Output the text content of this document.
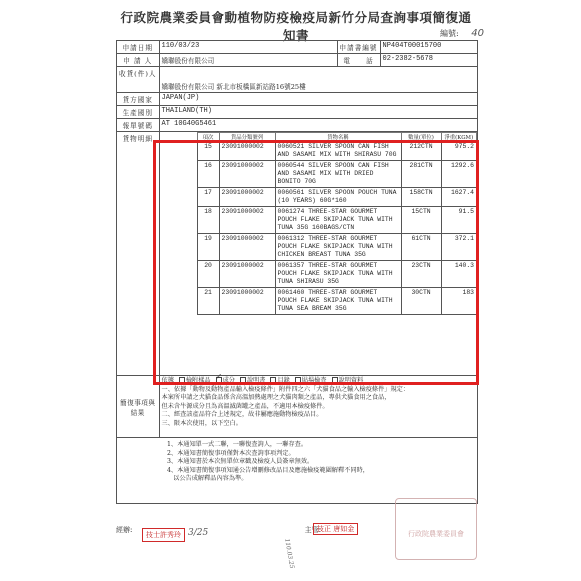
行政院農業委員會動植物防疫檢疫局新竹分局查詢事項簡復通知書	編號: 40
申請日期	110/03/23	申請書編號	NP404T00015700
申 請 人	嬌聯股份有限公司	電　　話	02-2382-5678
收貨(件)人	嬌聯股份有限公司 新北市板橋區新站路16號25樓
貨方國家	JAPAN(JP)
生產國別	THAILAND(TH)
報單號碼	AT 10G40G5461
貨物明細		項次	貨品分類號列	貨物名稱	數量(單位)	淨重(KGM)
15	23091000002	0060521 SILVER SPOON CAN FISH AND SASAMI MIX WITH SHIRASU 70G	212CTN	975.2
16	23091000002	0060544 SILVER SPOON CAN FISH AND SASAMI MIX WITH DRIED BONITO 70G	281CTN	1292.6
17	23091000002	0060561 SILVER SPOON POUCH TUNA (10 YEARS) 60G*160	158CTN	1627.4
18	23091000002	0061274 THREE-STAR GOURMET POUCH FLAKE SKIPJACK TUNA WITH TUNA 35G 160BAGS/CTN	15CTN	91.5
19	23091000002	0061312 THREE-STAR GOURMET POUCH FLAKE SKIPJACK TUNA WITH CHICKEN BREAST TUNA 35G	61CTN	372.1
20	23091000002	0061357 THREE-STAR GOURMET POUCH FLAKE SKIPJACK TUNA WITH TUNA SHIRASU 35G	23CTN	140.3
21	23091000002	0061460 THREE-STAR GOURMET POUCH FLAKE SKIPJACK TUNA WITH TUNA SEA BREAM 35G	30CTN	183

簡復事項與結果	
依據 檢附樣品 ✓ 成分 說明書 目錄 貼場檢查 說明資料
一、依據「動物及動物產品輸入檢疫條件」附件四之六「犬貓食品之輸入檢疫條件」規定：
本案所申請之犬貓食品係含高溫加熱處理之犬貓肉類之產品，專供犬貓食用之食品，
但未含牛源成分且為高溫滅菌罐之產品，不適用本檢疫條件。
二、經查該產品符合上述規定，故非屬應施動物檢疫品目。
三、限本次使用，以下空白。

1、本通知單一式二聯，一聯復查詢人，一聯存查。
2、本通知書簡復事項僅對本次查詢事項判定。
3、本通知書於本次無單位章戳及檢疫人員簽章無效。
4、本通知書簡復事項知通公告增刪修改品目及應施檢疫範圍解釋不同時，
　以公告成解釋品內容為準。
經辦:	主管:
技士許秀玲 3/25
110.03.25
技正 唐如金
行政院農業委員會
